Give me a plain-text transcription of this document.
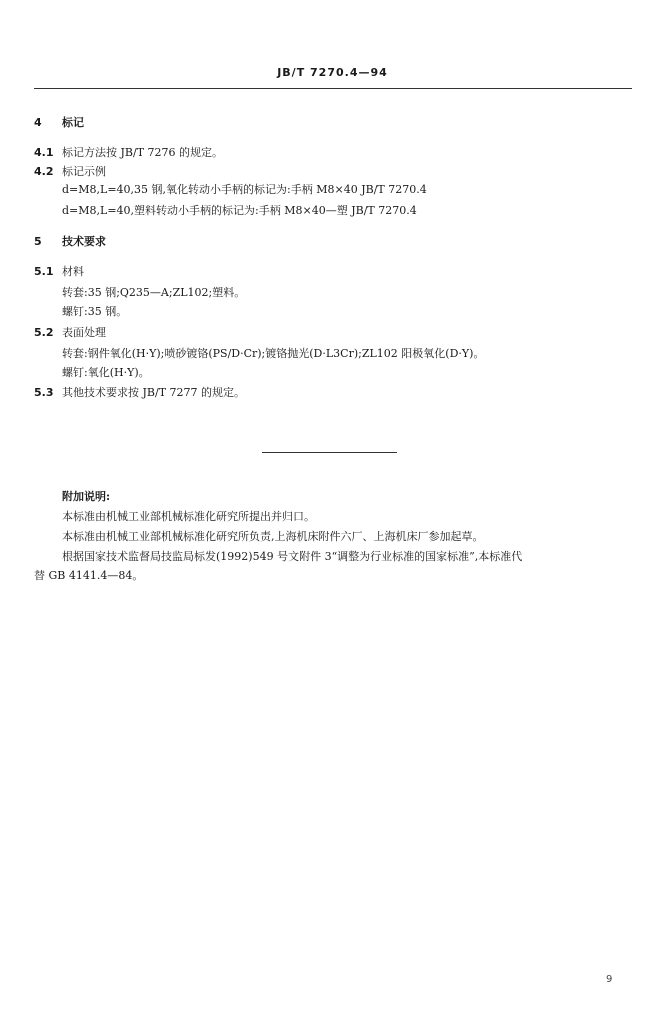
JB/T 7270.4—94
4 标记
4.1 标记方法按 JB/T 7276 的规定。
4.2 标记示例
d=M8,L=40,35 钢,氧化转动小手柄的标记为:手柄 M8×40 JB/T 7270.4
d=M8,L=40,塑料转动小手柄的标记为:手柄 M8×40—塑 JB/T 7270.4
5 技术要求
5.1 材料
转套:35 钢;Q235—A;ZL102;塑料。
螺钉:35 钢。
5.2 表面处理
转套:钢件氧化(H·Y);喷砂镀铬(PS/D·Cr);镀铬抛光(D·L3Cr);ZL102 阳极氧化(D·Y)。
螺钉:氧化(H·Y)。
5.3 其他技术要求按 JB/T 7277 的规定。
附加说明:
本标准由机械工业部机械标准化研究所提出并归口。
本标准由机械工业部机械标准化研究所负责,上海机床附件六厂、上海机床厂参加起草。
根据国家技术监督局技监局标发(1992)549 号文附件 3“调整为行业标准的国家标准”,本标准代
替 GB 4141.4—84。
9
